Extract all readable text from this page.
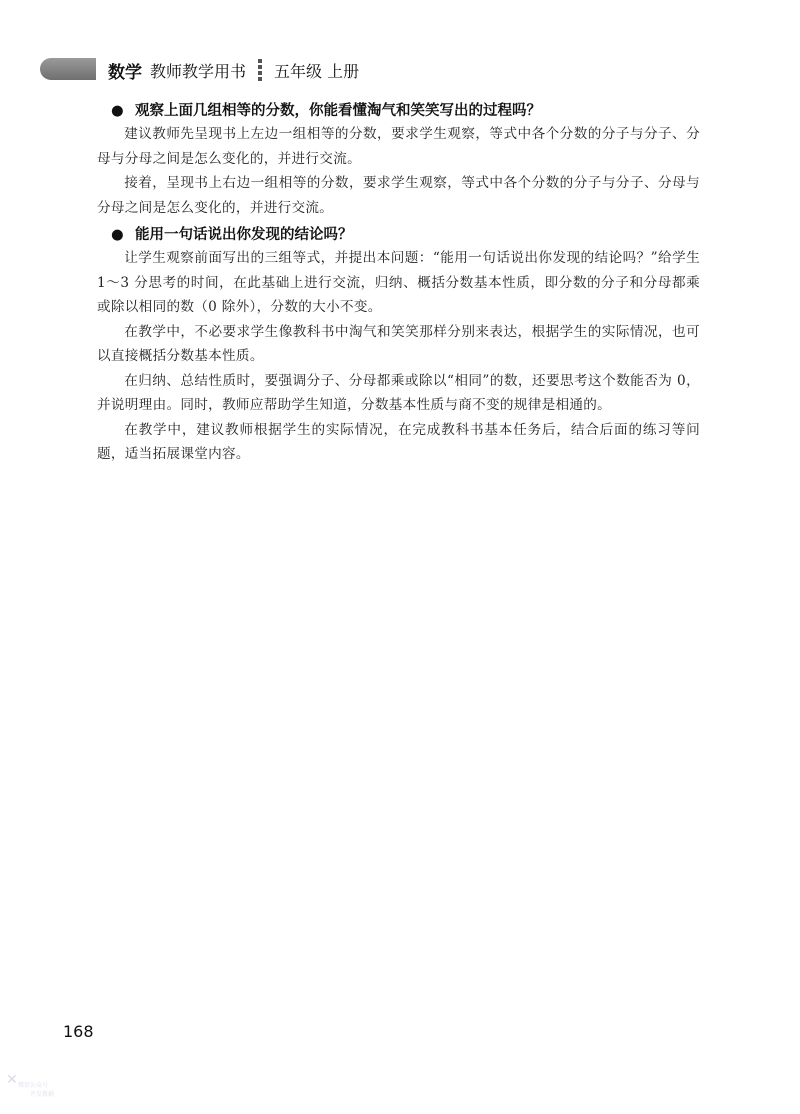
数学 教师教学用书 五年级 上册
● 观察上面几组相等的分数，你能看懂淘气和笑笑写出的过程吗？

建议教师先呈现书上左边一组相等的分数，要求学生观察，等式中各个分数的分子与分子、分母与分母之间是怎么变化的，并进行交流。

接着，呈现书上右边一组相等的分数，要求学生观察，等式中各个分数的分子与分子、分母与分母之间是怎么变化的，并进行交流。

● 能用一句话说出你发现的结论吗？

让学生观察前面写出的三组等式，并提出本问题：“能用一句话说出你发现的结论吗？”给学生 1～3 分思考的时间，在此基础上进行交流，归纳、概括分数基本性质，即分数的分子和分母都乘或除以相同的数（0 除外），分数的大小不变。

在教学中，不必要求学生像教科书中淘气和笑笑那样分别来表达，根据学生的实际情况，也可以直接概括分数基本性质。

在归纳、总结性质时，要强调分子、分母都乘或除以“相同”的数，还要思考这个数能否为 0，并说明理由。同时，教师应帮助学生知道，分数基本性质与商不变的规律是相通的。

在教学中，建议教师根据学生的实际情况，在完成教科书基本任务后，结合后面的练习等问题，适当拓展课堂内容。

168
✕ 微信公众号
开发教辅
